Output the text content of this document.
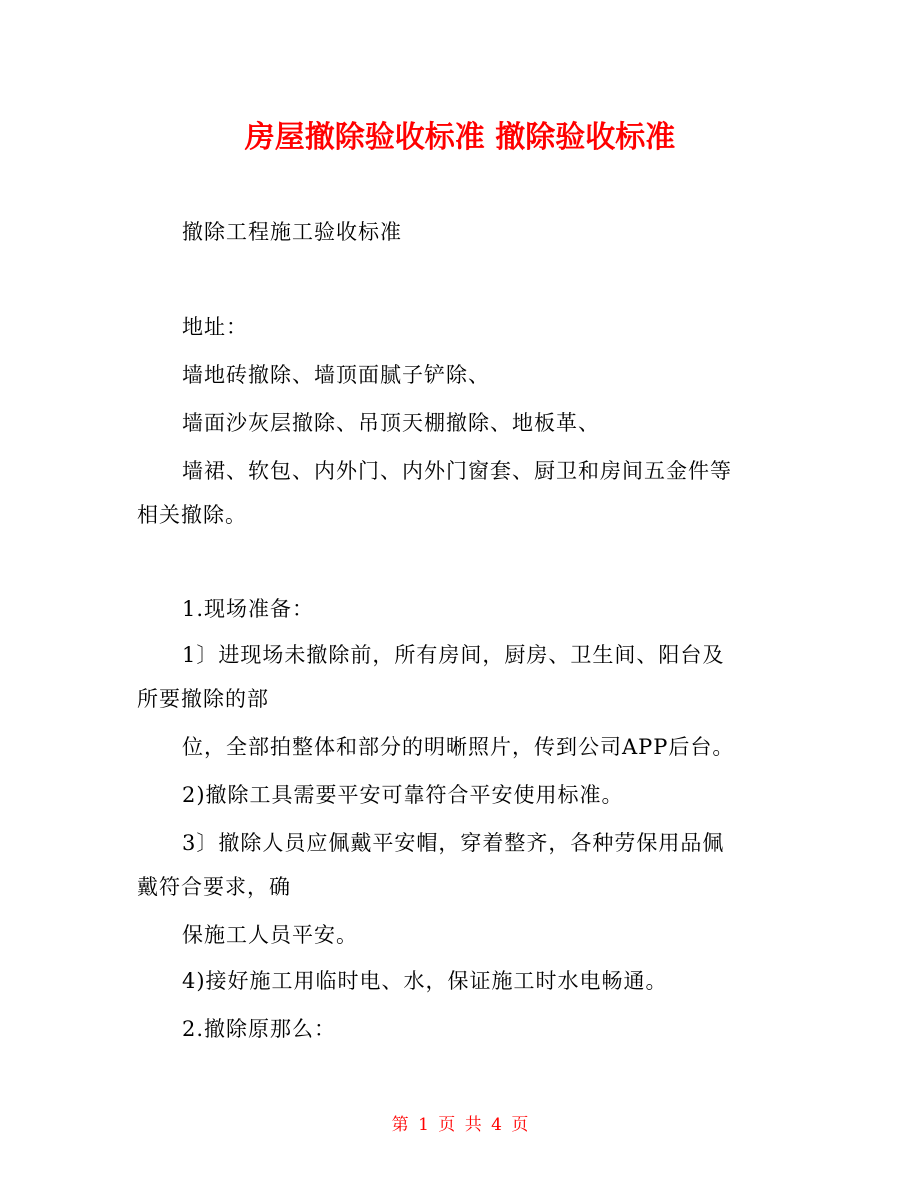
房屋撤除验收标准 撤除验收标准
撤除工程施工验收标准
地址：
墙地砖撤除、墙顶面腻子铲除、
墙面沙灰层撤除、吊顶天棚撤除、地板革、
墙裙、软包、内外门、内外门窗套、厨卫和房间五金件等
相关撤除。
1.现场准备：
1〕进现场未撤除前，所有房间，厨房、卫生间、阳台及
所要撤除的部
位，全部拍整体和部分的明晰照片，传到公司APP后台。
2)撤除工具需要平安可靠符合平安使用标准。
3〕撤除人员应佩戴平安帽，穿着整齐，各种劳保用品佩
戴符合要求，确
保施工人员平安。
4)接好施工用临时电、水，保证施工时水电畅通。
2.撤除原那么：
第 1 页 共 4 页
